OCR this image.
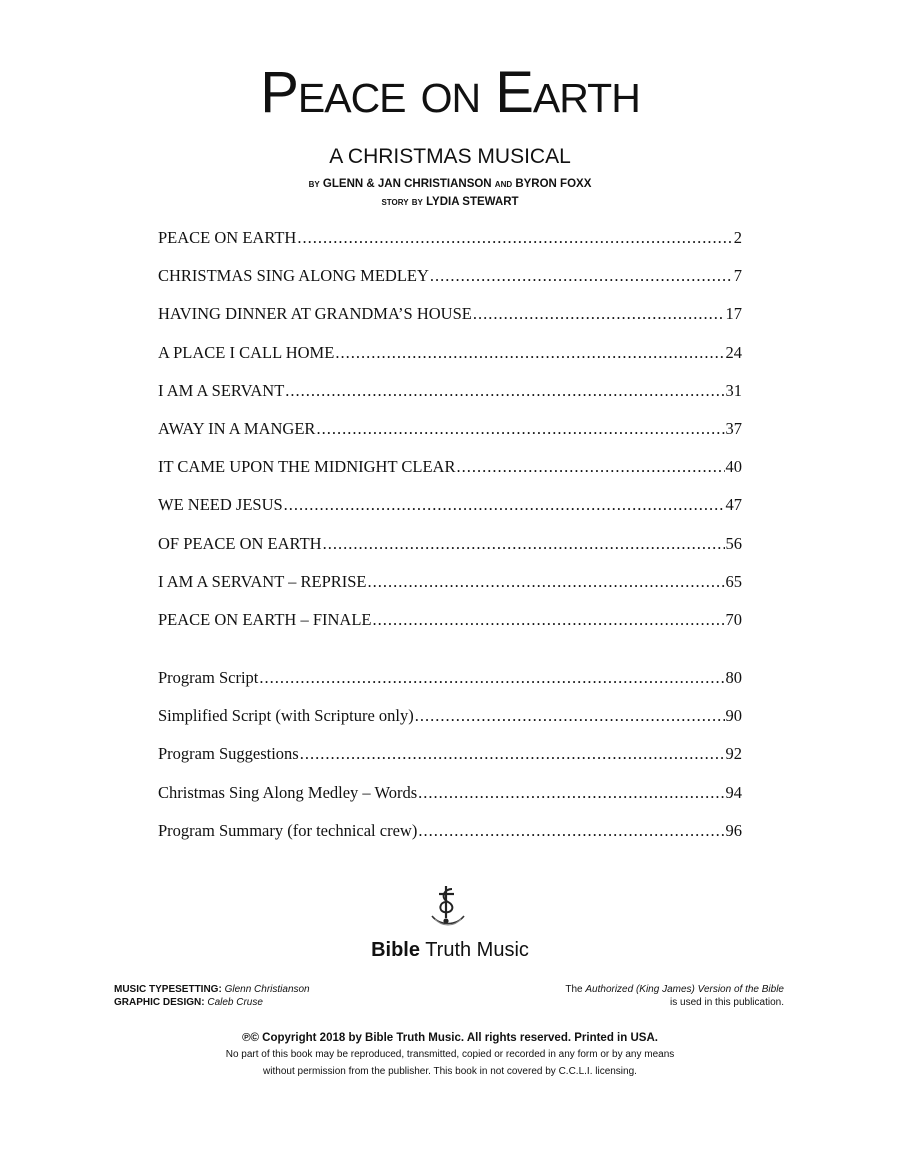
Peace on Earth
A CHRISTMAS MUSICAL
by GLENN & JAN CHRISTIANSON and BYRON FOXX
story by LYDIA STEWART
PEACE ON EARTH .....	2
CHRISTMAS SING ALONG MEDLEY .....	7
HAVING DINNER AT GRANDMA’S HOUSE .....	17
A PLACE I CALL HOME .....	24
I AM A SERVANT .....	31
AWAY IN A MANGER .....	37
IT CAME UPON THE MIDNIGHT CLEAR .....	40
WE NEED JESUS .....	47
OF PEACE ON EARTH .....	56
I AM A SERVANT – REPRISE .....	65
PEACE ON EARTH – FINALE .....	70
Program Script .....	80
Simplified Script (with Scripture only) .....	90
Program Suggestions .....	92
Christmas Sing Along Medley – Words .....	94
Program Summary (for technical crew) .....	96
Bible Truth Music
MUSIC TYPESETTING: Glenn Christianson
GRAPHIC DESIGN: Caleb Cruse
The Authorized (King James) Version of the Bible
is used in this publication.
℗© Copyright 2018 by Bible Truth Music. All rights reserved. Printed in USA.
No part of this book may be reproduced, transmitted, copied or recorded in any form or by any means
without permission from the publisher. This book in not covered by C.C.L.I. licensing.
